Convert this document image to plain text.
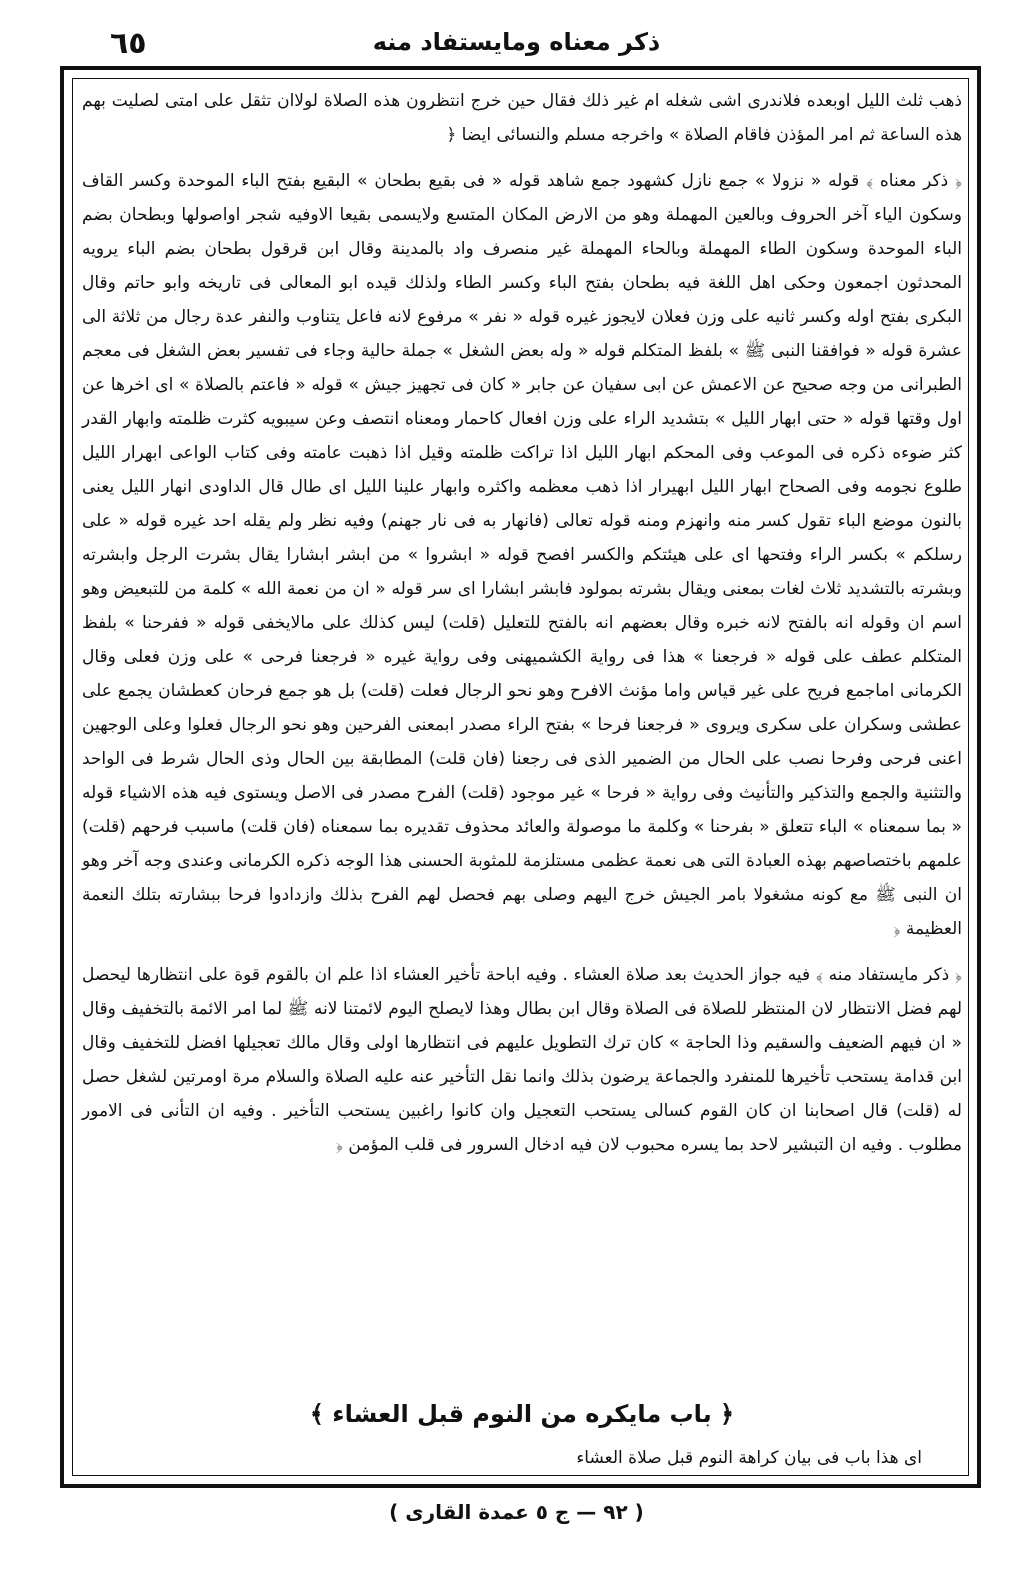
٦٥	ذكر معناه ومايستفاد منه

ذهب ثلث الليل اوبعده فلاندرى اشى شغله ام غير ذلك فقال حين خرج انتظرون هذه الصلاة لولاان تثقل على امتى لصليت بهم هذه الساعة ثم امر المؤذن فاقام الصلاة » واخرجه مسلم والنسائى ايضا ﴿

﴿ ذكر معناه ﴾ قوله « نزولا » جمع نازل كشهود جمع شاهد قوله « فى بقيع بطحان » البقيع بفتح الباء الموحدة وكسر القاف وسكون الياء آخر الحروف وبالعين المهملة وهو من الارض المكان المتسع ولايسمى بقيعا الاوفيه شجر اواصولها وبطحان بضم الباء الموحدة وسكون الطاء المهملة وبالحاء المهملة غير منصرف واد بالمدينة وقال ابن قرقول بطحان بضم الباء يرويه المحدثون اجمعون وحكى اهل اللغة فيه بطحان بفتح الباء وكسر الطاء ولذلك قيده ابو المعالى فى تاريخه وابو حاتم وقال البكرى بفتح اوله وكسر ثانيه على وزن فعلان لايجوز غيره قوله « نفر » مرفوع لانه فاعل يتناوب والنفر عدة رجال من ثلاثة الى عشرة قوله « فوافقنا النبى ﷺ » بلفظ المتكلم قوله « وله بعض الشغل » جملة حالية وجاء فى تفسير بعض الشغل فى معجم الطبرانى من وجه صحيح عن الاعمش عن ابى سفيان عن جابر « كان فى تجهيز جيش » قوله « فاعتم بالصلاة » اى اخرها عن اول وقتها قوله « حتى ابهار الليل » بتشديد الراء على وزن افعال كاحمار ومعناه انتصف وعن سيبويه كثرت ظلمته وابهار القدر كثر ضوءه ذكره فى الموعب وفى المحكم ابهار الليل اذا تراكت ظلمته وقيل اذا ذهبت عامته وفى كتاب الواعى ابهرار الليل طلوع نجومه وفى الصحاح ابهار الليل ابهيرار اذا ذهب معظمه واكثره وابهار علينا الليل اى طال قال الداودى انهار الليل يعنى بالنون موضع الباء تقول كسر منه وانهزم ومنه قوله تعالى (فانهار به فى نار جهنم) وفيه نظر ولم يقله احد غيره قوله « على رسلكم » بكسر الراء وفتحها اى على هيئتكم والكسر افصح قوله « ابشروا » من ابشر ابشارا يقال بشرت الرجل وابشرته وبشرته بالتشديد ثلاث لغات بمعنى ويقال بشرته بمولود فابشر ابشارا اى سر قوله « ان من نعمة الله » كلمة من للتبعيض وهو اسم ان وقوله انه بالفتح لانه خبره وقال بعضهم انه بالفتح للتعليل (قلت) ليس كذلك على مالايخفى قوله « ففرحنا » بلفظ المتكلم عطف على قوله « فرجعنا » هذا فى رواية الكشميهنى وفى رواية غيره « فرجعنا فرحى » على وزن فعلى وقال الكرمانى اماجمع فريح على غير قياس واما مؤنث الافرح وهو نحو الرجال فعلت (قلت) بل هو جمع فرحان كعطشان يجمع على عطشى وسكران على سكرى ويروى « فرجعنا فرحا » بفتح الراء مصدر ابمعنى الفرحين وهو نحو الرجال فعلوا وعلى الوجهين اعنى فرحى وفرحا نصب على الحال من الضمير الذى فى رجعنا (فان قلت) المطابقة بين الحال وذى الحال شرط فى الواحد والتثنية والجمع والتذكير والتأنيث وفى رواية « فرحا » غير موجود (قلت) الفرح مصدر فى الاصل ويستوى فيه هذه الاشياء قوله « بما سمعناه » الباء تتعلق « بفرحنا » وكلمة ما موصولة والعائد محذوف تقديره بما سمعناه (فان قلت) ماسبب فرحهم (قلت) علمهم باختصاصهم بهذه العبادة التى هى نعمة عظمى مستلزمة للمثوبة الحسنى هذا الوجه ذكره الكرمانى وعندى وجه آخر وهو ان النبى ﷺ مع كونه مشغولا بامر الجيش خرج اليهم وصلى بهم فحصل لهم الفرح بذلك وازدادوا فرحا ببشارته بتلك النعمة العظيمة ﴿

﴿ ذكر مايستفاد منه ﴾ فيه جواز الحديث بعد صلاة العشاء . وفيه اباحة تأخير العشاء اذا علم ان بالقوم قوة على انتظارها ليحصل لهم فضل الانتظار لان المنتظر للصلاة فى الصلاة وقال ابن بطال وهذا لايصلح اليوم لائمتنا لانه ﷺ لما امر الائمة بالتخفيف وقال « ان فيهم الضعيف والسقيم وذا الحاجة » كان ترك التطويل عليهم فى انتظارها اولى وقال مالك تعجيلها افضل للتخفيف وقال ابن قدامة يستحب تأخيرها للمنفرد والجماعة يرضون بذلك وانما نقل التأخير عنه عليه الصلاة والسلام مرة اومرتين لشغل حصل له (قلت) قال اصحابنا ان كان القوم كسالى يستحب التعجيل وان كانوا راغبين يستحب التأخير . وفيه ان التأنى فى الامور مطلوب . وفيه ان التبشير لاحد بما يسره محبوب لان فيه ادخال السرور فى قلب المؤمن ﴿

﴿ باب مايكره من النوم قبل العشاء ﴾
اى هذا باب فى بيان كراهة النوم قبل صلاة العشاء
( ٩٢ — ج ٥ عمدة القارى )
